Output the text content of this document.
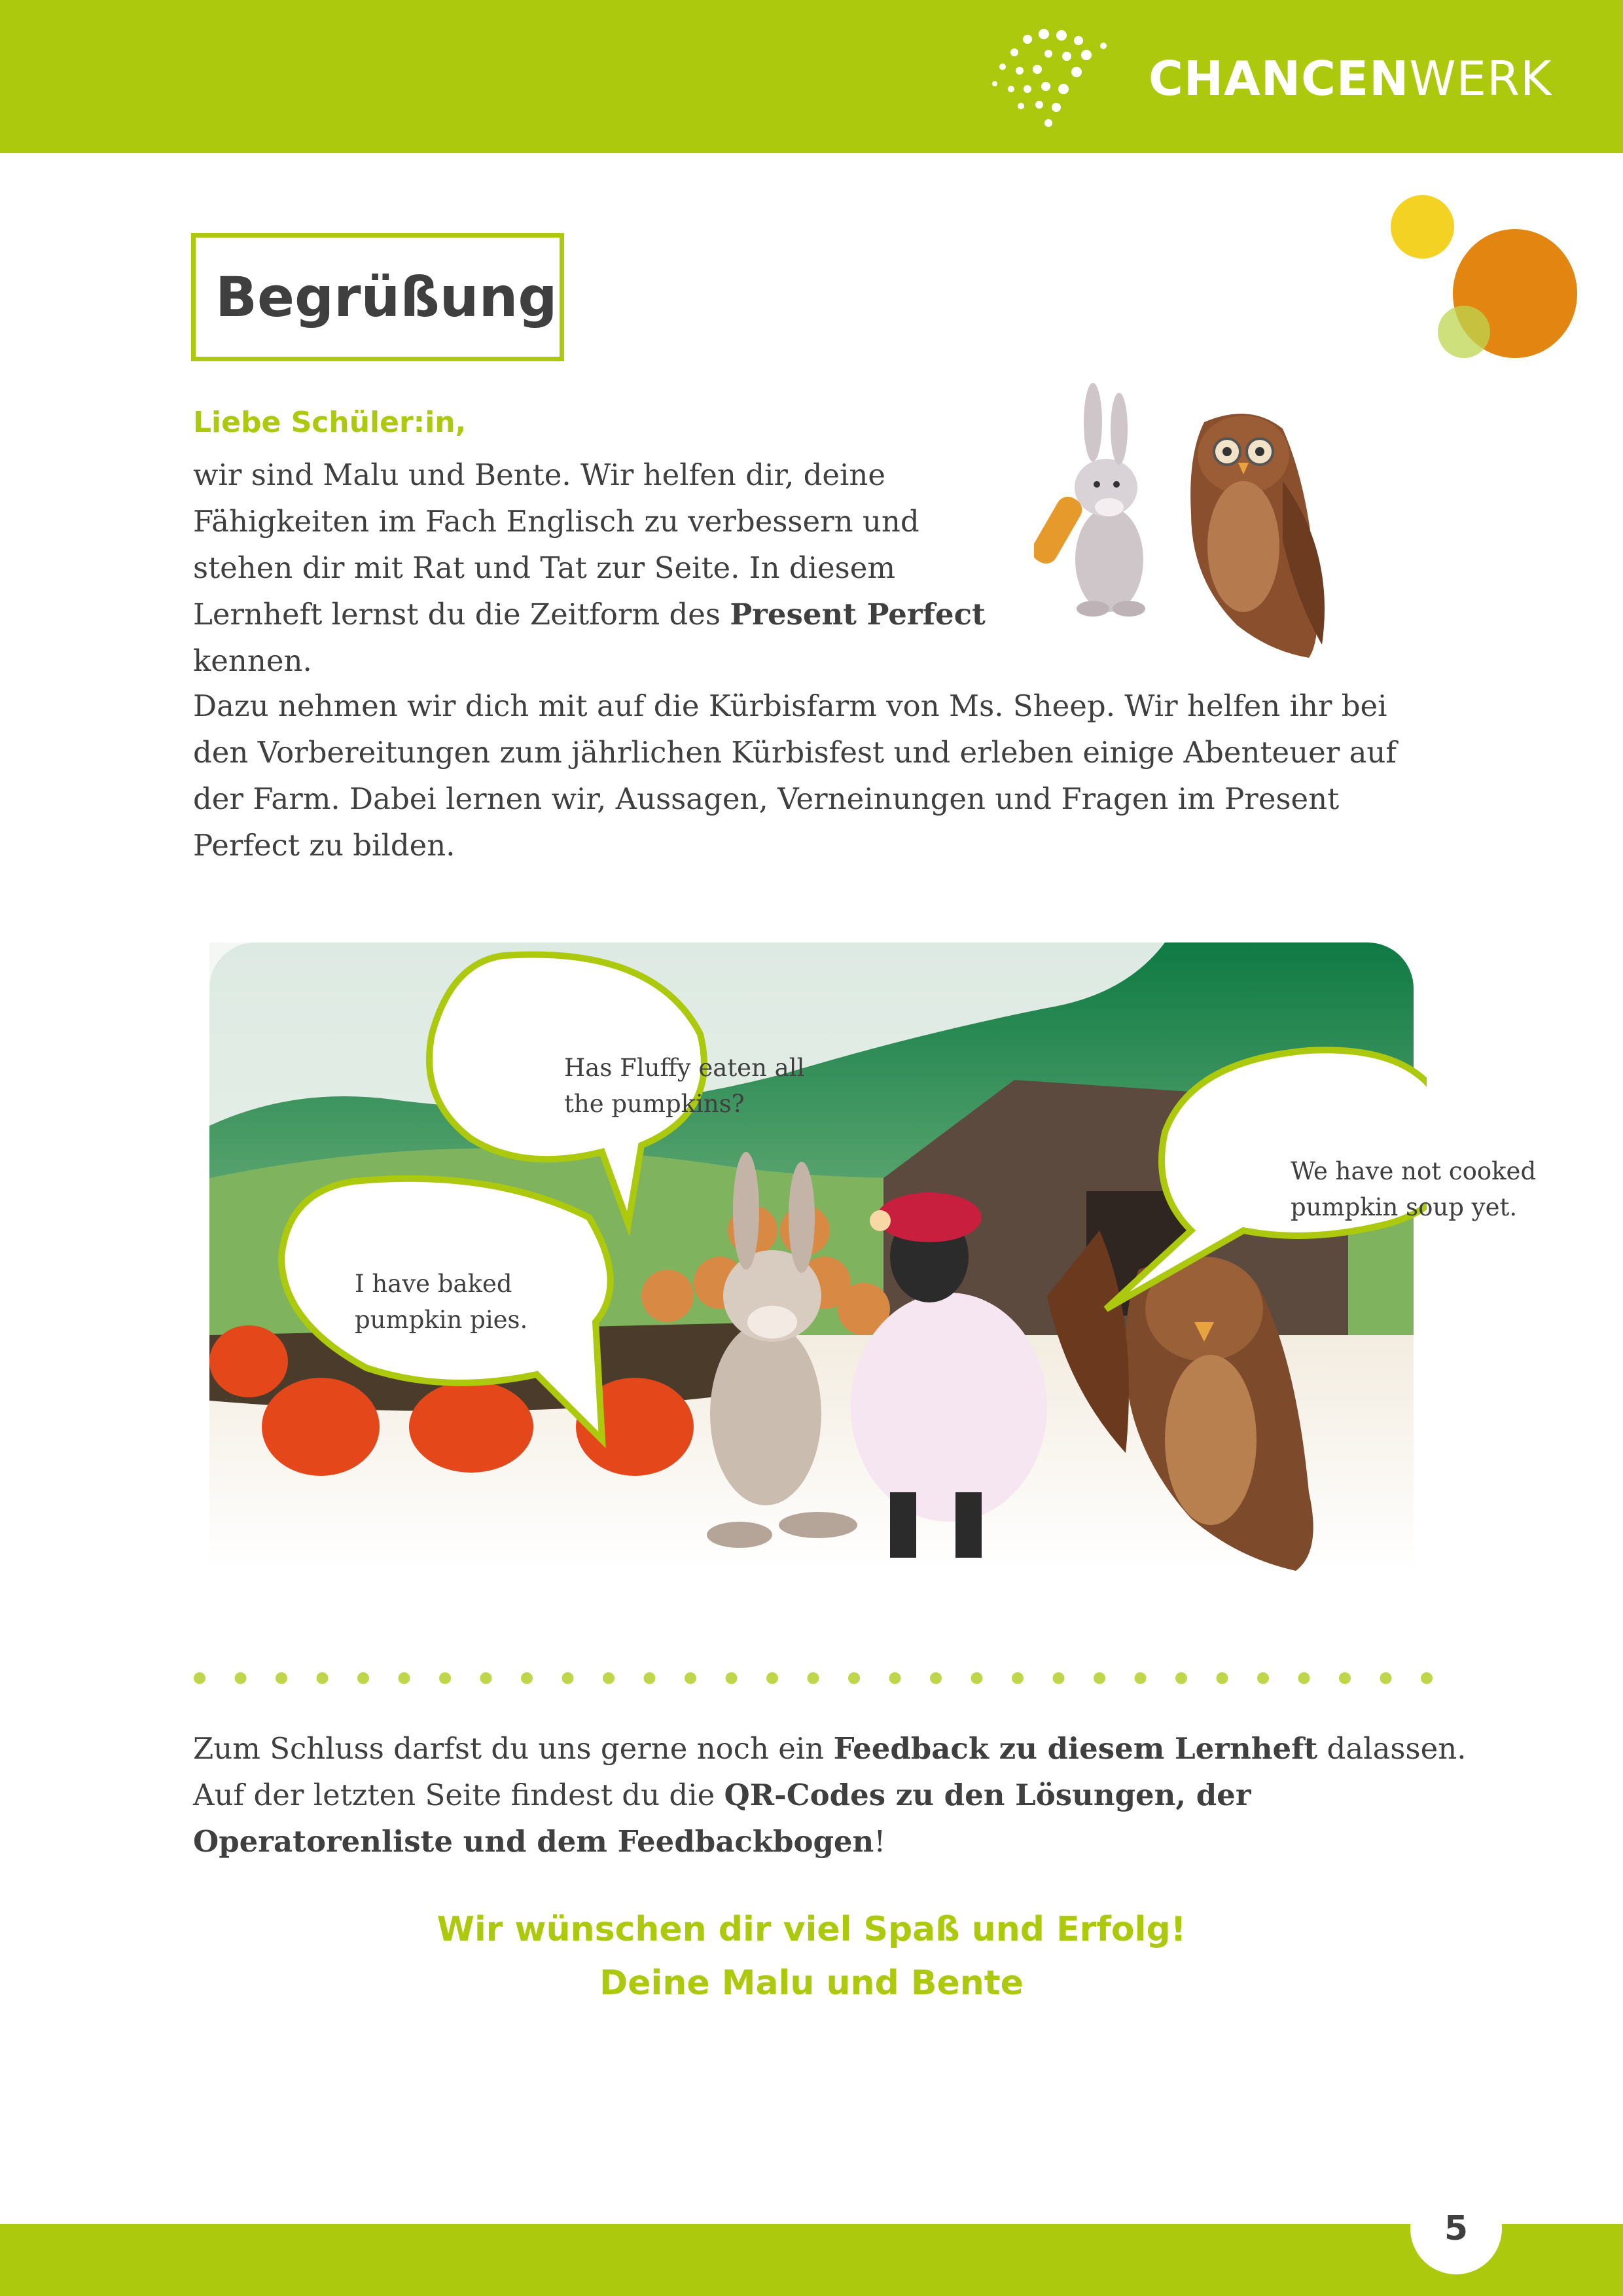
CHANCENWERK
Begrüßung
Liebe Schüler:in,

wir sind Malu und Bente. Wir helfen dir, deine Fähigkeiten im Fach Englisch zu verbessern und stehen dir mit Rat und Tat zur Seite. In diesem Lernheft lernst du die Zeitform des Present Perfect kennen.

Dazu nehmen wir dich mit auf die Kürbisfarm von Ms. Sheep. Wir helfen ihr bei den Vorbereitungen zum jährlichen Kürbisfest und erleben einige Abenteuer auf der Farm. Dabei lernen wir, Aussagen, Verneinungen und Fragen im Present Perfect zu bilden.

Has Fluffy eaten all the pumpkins?
I have baked pumpkin pies.
We have not cooked pumpkin soup yet.

Zum Schluss darfst du uns gerne noch ein Feedback zu diesem Lernheft dalassen. Auf der letzten Seite findest du die QR-Codes zu den Lösungen, der Operatorenliste und dem Feedbackbogen!

Wir wünschen dir viel Spaß und Erfolg!
Deine Malu und Bente
5
